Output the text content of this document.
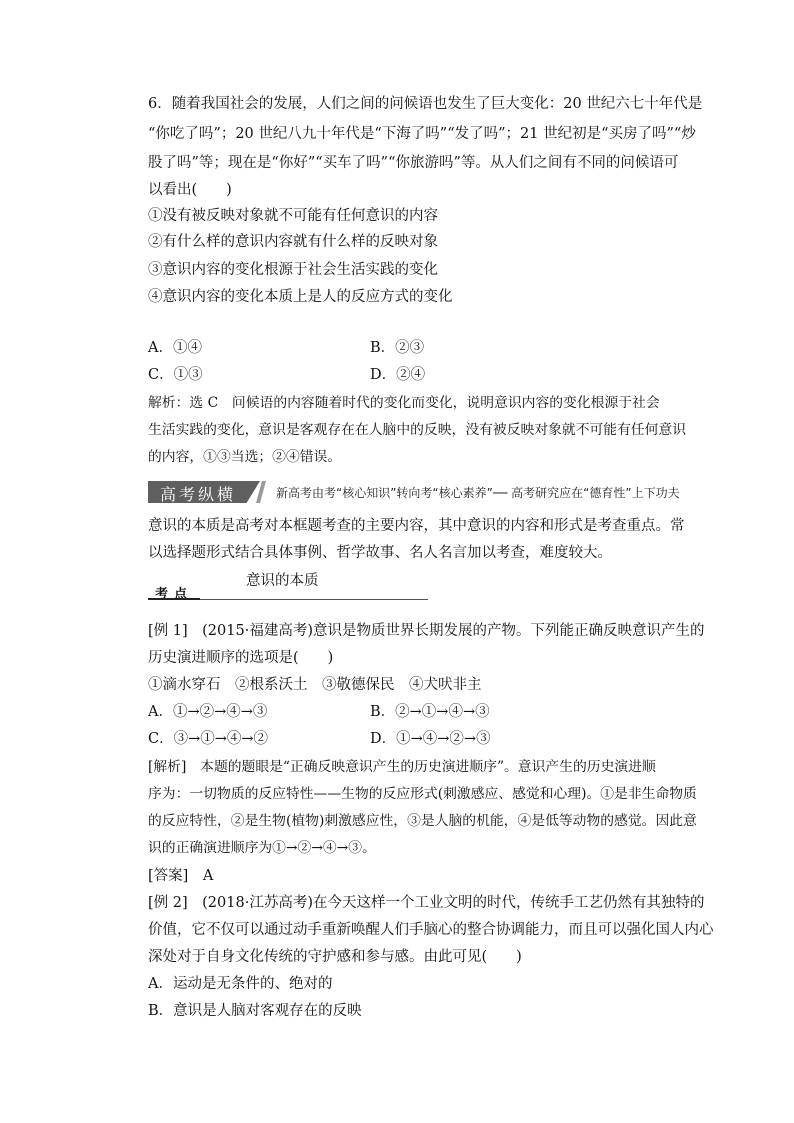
6．随着我国社会的发展，人们之间的问候语也发生了巨大变化：20 世纪六七十年代是
“你吃了吗”；20 世纪八九十年代是“下海了吗”“发了吗”；21 世纪初是“买房了吗”“炒
股了吗”等；现在是“你好”“买车了吗”“你旅游吗”等。从人们之间有不同的问候语可
以看出(　　)
①没有被反映对象就不可能有任何意识的内容
②有什么样的意识内容就有什么样的反映对象
③意识内容的变化根源于社会生活实践的变化
④意识内容的变化本质上是人的反应方式的变化
A．①④	B．②③
C．①③	D．②④
解析：选 C　问候语的内容随着时代的变化而变化，说明意识内容的变化根源于社会
生活实践的变化，意识是客观存在在人脑中的反映，没有被反映对象就不可能有任何意识
的内容，①③当选；②④错误。
高考纵横	新高考由考“核心知识”转向考“核心素养”── 高考研究应在“德育性”上下功夫
意识的本质是高考对本框题考查的主要内容，其中意识的内容和形式是考查重点。常
以选择题形式结合具体事例、哲学故事、名人名言加以考查，难度较大。
意识的本质
考点
[例 1]　(2015·福建高考)意识是物质世界长期发展的产物。下列能正确反映意识产生的
历史演进顺序的选项是(　　)
①滴水穿石　②根系沃土　③敬德保民　④犬吠非主
A．①→②→④→③	B．②→①→④→③
C．③→①→④→②	D．①→④→②→③
[解析]　本题的题眼是“正确反映意识产生的历史演进顺序”。意识产生的历史演进顺
序为：一切物质的反应特性——生物的反应形式(刺激感应、感觉和心理)。①是非生命物质
的反应特性，②是生物(植物)刺激感应性，③是人脑的机能，④是低等动物的感觉。因此意
识的正确演进顺序为①→②→④→③。
[答案]　A
[例 2]　(2018·江苏高考)在今天这样一个工业文明的时代，传统手工艺仍然有其独特的
价值，它不仅可以通过动手重新唤醒人们手脑心的整合协调能力，而且可以强化国人内心
深处对于自身文化传统的守护感和参与感。由此可见(　　)
A．运动是无条件的、绝对的
B．意识是人脑对客观存在的反映
